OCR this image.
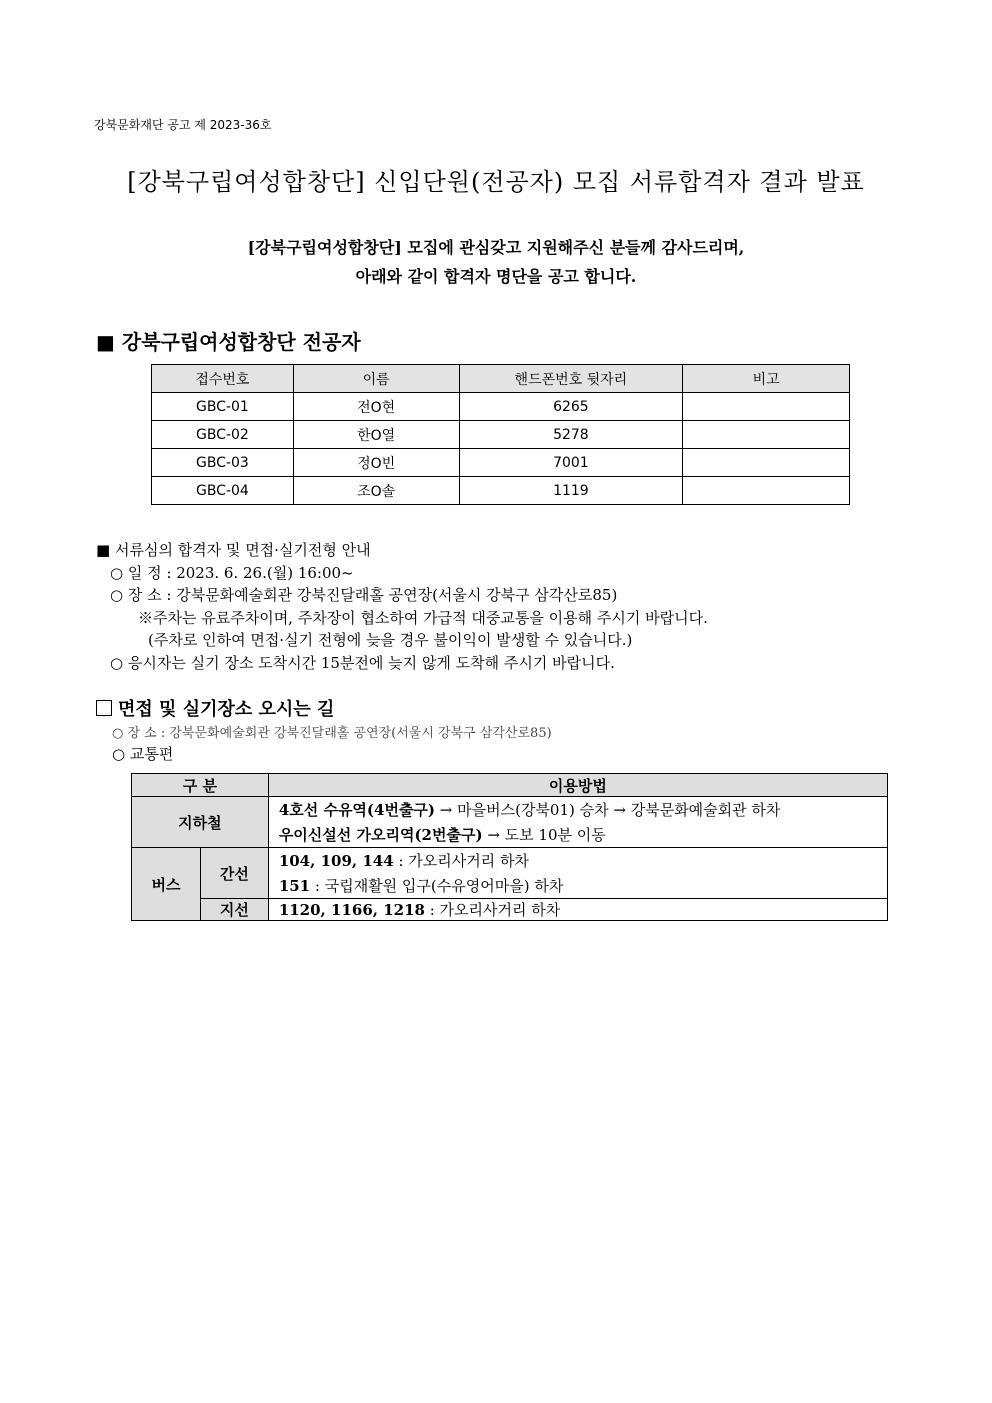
강북문화재단 공고 제 2023-36호
[강북구립여성합창단] 신입단원(전공자) 모집 서류합격자 결과 발표
[강북구립여성합창단] 모집에 관심갖고 지원해주신 분들께 감사드리며,
아래와 같이 합격자 명단을 공고 합니다.
■ 강북구립여성합창단 전공자
접수번호	이름	핸드폰번호 뒷자리	비고
GBC-01	전O현	6265	
GBC-02	한O열	5278	
GBC-03	정O빈	7001	
GBC-04	조O솔	1119	
■ 서류심의 합격자 및 면접·실기전형 안내
○ 일 정 : 2023. 6. 26.(월) 16:00~
○ 장 소 : 강북문화예술회관 강북진달래홀 공연장(서울시 강북구 삼각산로85)
※주차는 유료주차이며, 주차장이 협소하여 가급적 대중교통을 이용해 주시기 바랍니다.
(주차로 인하여 면접·실기 전형에 늦을 경우 불이익이 발생할 수 있습니다.)
○ 응시자는 실기 장소 도착시간 15분전에 늦지 않게 도착해 주시기 바랍니다.
면접 및 실기장소 오시는 길
○ 장 소 : 강북문화예술회관 강북진달래홀 공연장(서울시 강북구 삼각산로85)
○ 교통편
구 분		이용방법
지하철		4호선 수유역(4번출구) → 마을버스(강북01) 승차 → 강북문화예술회관 하차
		우이신설선 가오리역(2번출구) → 도보 10분 이동
버스	간선	104, 109, 144 : 가오리사거리 하차
		151 : 국립재활원 입구(수유영어마을) 하차
	지선	1120, 1166, 1218 : 가오리사거리 하차
